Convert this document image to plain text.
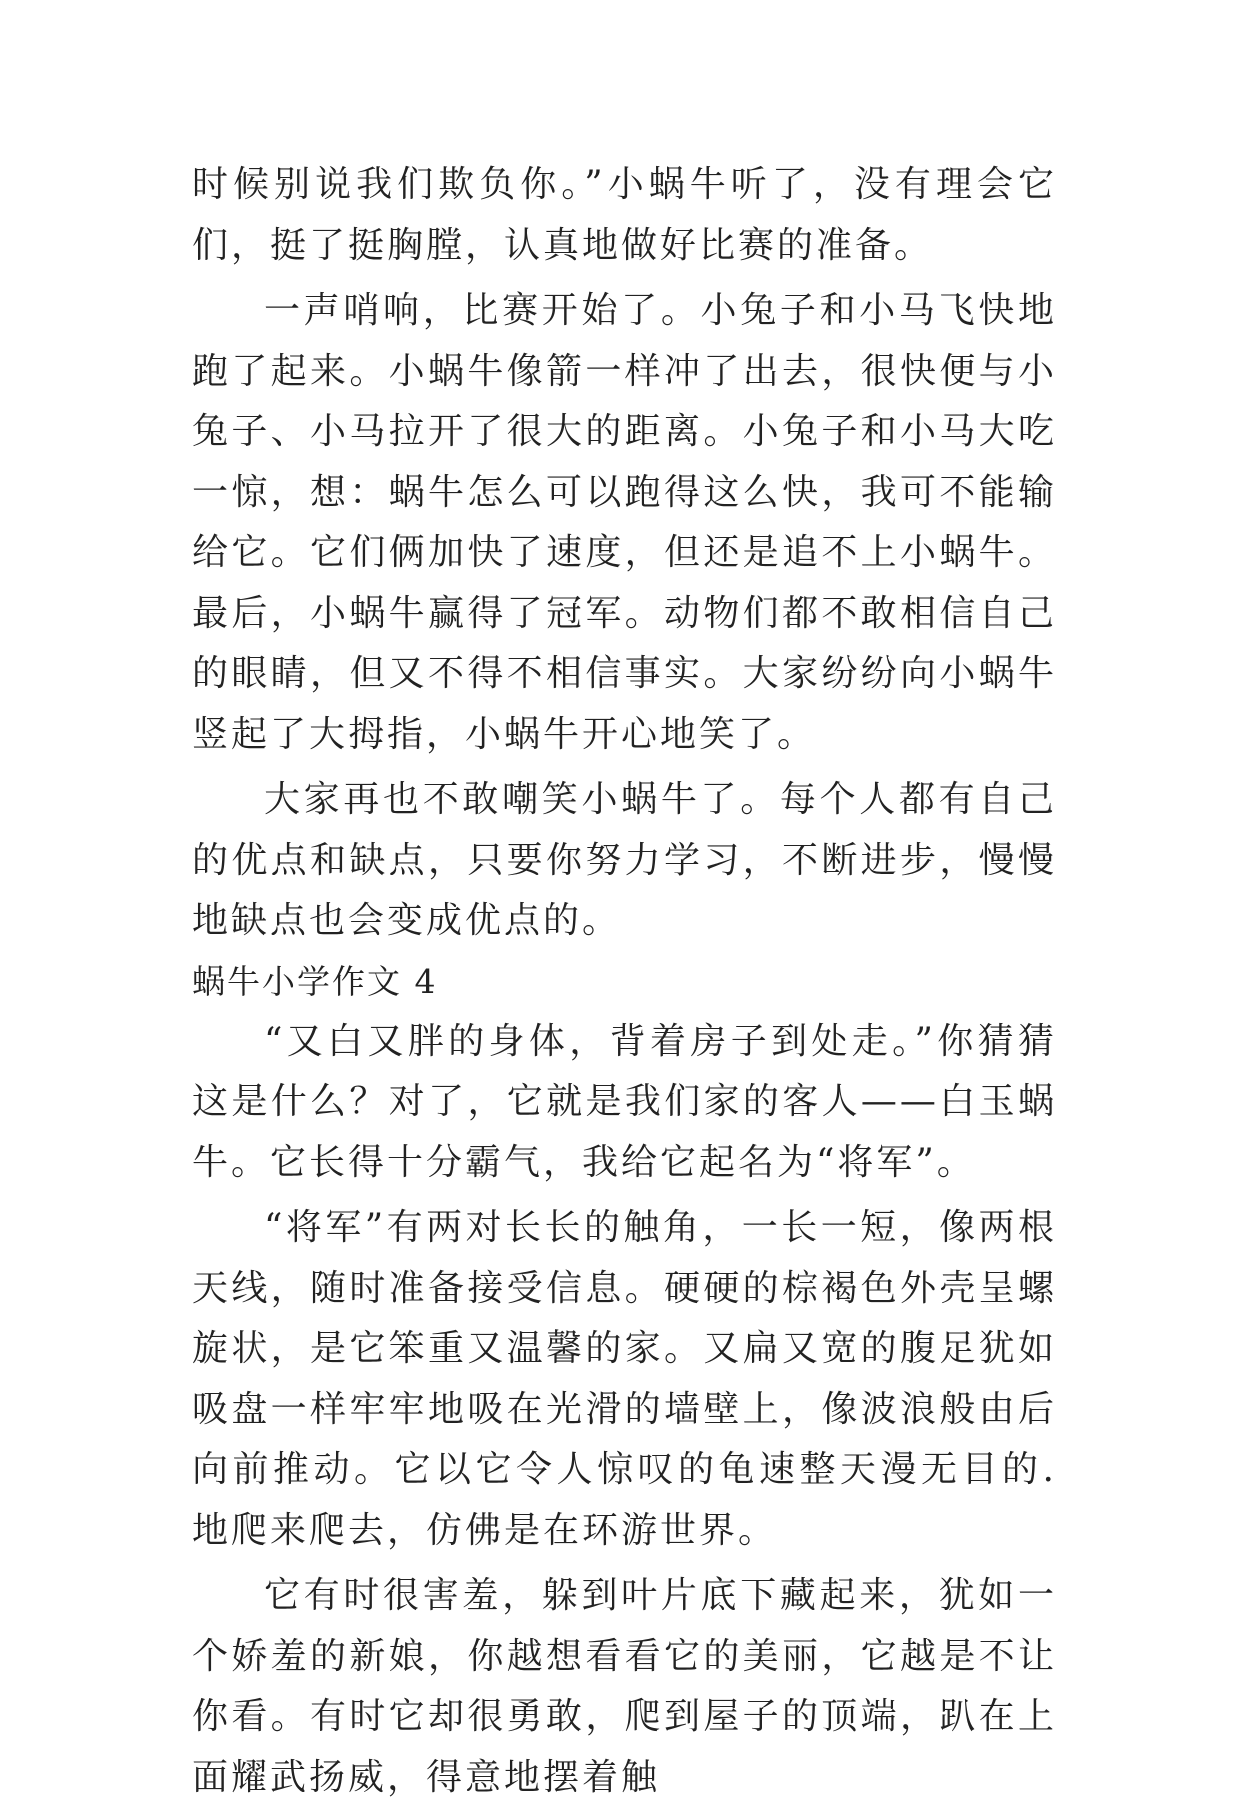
时候别说我们欺负你。”小蜗牛听了，没有理会它们，挺了挺胸膛，认真地做好比赛的准备。

一声哨响，比赛开始了。小兔子和小马飞快地跑了起来。小蜗牛像箭一样冲了出去，很快便与小兔子、小马拉开了很大的距离。小兔子和小马大吃一惊，想：蜗牛怎么可以跑得这么快，我可不能输给它。它们俩加快了速度，但还是追不上小蜗牛。最后，小蜗牛赢得了冠军。动物们都不敢相信自己的眼睛，但又不得不相信事实。大家纷纷向小蜗牛竖起了大拇指，小蜗牛开心地笑了。

大家再也不敢嘲笑小蜗牛了。每个人都有自己的优点和缺点，只要你努力学习，不断进步，慢慢地缺点也会变成优点的。

蜗牛小学作文 4

“又白又胖的身体，背着房子到处走。”你猜猜这是什么？对了，它就是我们家的客人——白玉蜗牛。它长得十分霸气，我给它起名为“将军”。

“将军”有两对长长的触角，一长一短，像两根天线，随时准备接受信息。硬硬的棕褐色外壳呈螺旋状，是它笨重又温馨的家。又扁又宽的腹足犹如吸盘一样牢牢地吸在光滑的墙壁上，像波浪般由后向前推动。它以它令人惊叹的龟速整天漫无目的.地爬来爬去，仿佛是在环游世界。

它有时很害羞，躲到叶片底下藏起来，犹如一个娇羞的新娘，你越想看看它的美丽，它越是不让你看。有时它却很勇敢，爬到屋子的顶端，趴在上面耀武扬威，得意地摆着触
